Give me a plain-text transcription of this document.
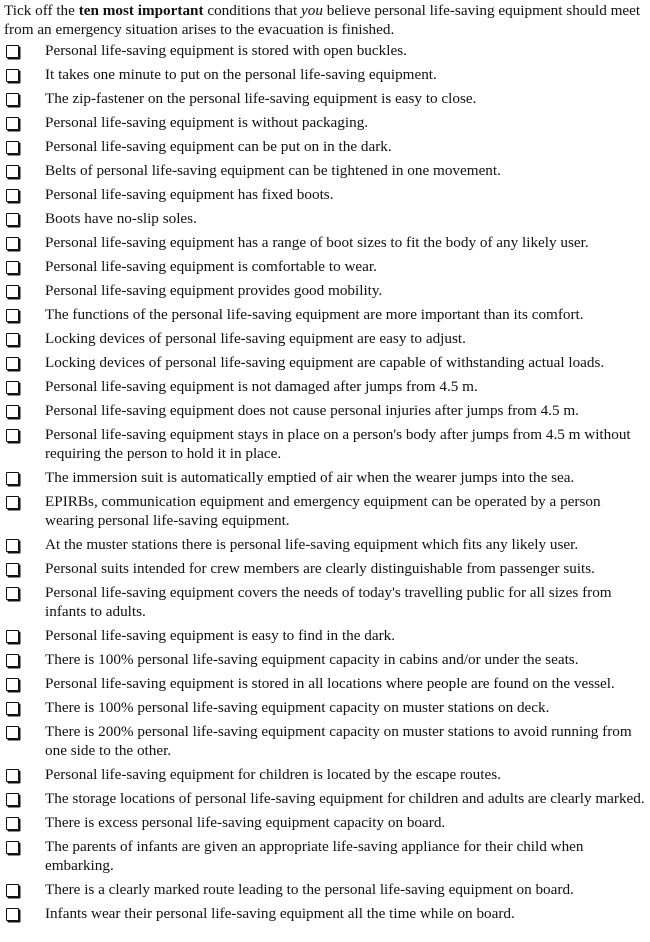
Tick off the ten most important conditions that you believe personal life-saving equipment should meet from an emergency situation arises to the evacuation is finished.

Personal life-saving equipment is stored with open buckles.
It takes one minute to put on the personal life-saving equipment.
The zip-fastener on the personal life-saving equipment is easy to close.
Personal life-saving equipment is without packaging.
Personal life-saving equipment can be put on in the dark.
Belts of personal life-saving equipment can be tightened in one movement.
Personal life-saving equipment has fixed boots.
Boots have no-slip soles.
Personal life-saving equipment has a range of boot sizes to fit the body of any likely user.
Personal life-saving equipment is comfortable to wear.
Personal life-saving equipment provides good mobility.
The functions of the personal life-saving equipment are more important than its comfort.
Locking devices of personal life-saving equipment are easy to adjust.
Locking devices of personal life-saving equipment are capable of withstanding actual loads.
Personal life-saving equipment is not damaged after jumps from 4.5 m.
Personal life-saving equipment does not cause personal injuries after jumps from 4.5 m.
Personal life-saving equipment stays in place on a person's body after jumps from 4.5 m without requiring the person to hold it in place.
The immersion suit is automatically emptied of air when the wearer jumps into the sea.
EPIRBs, communication equipment and emergency equipment can be operated by a person wearing personal life-saving equipment.
At the muster stations there is personal life-saving equipment which fits any likely user.
Personal suits intended for crew members are clearly distinguishable from passenger suits.
Personal life-saving equipment covers the needs of today's travelling public for all sizes from infants to adults.
Personal life-saving equipment is easy to find in the dark.
There is 100% personal life-saving equipment capacity in cabins and/or under the seats.
Personal life-saving equipment is stored in all locations where people are found on the vessel.
There is 100% personal life-saving equipment capacity on muster stations on deck.
There is 200% personal life-saving equipment capacity on muster stations to avoid running from one side to the other.
Personal life-saving equipment for children is located by the escape routes.
The storage locations of personal life-saving equipment for children and adults are clearly marked.
There is excess personal life-saving equipment capacity on board.
The parents of infants are given an appropriate life-saving appliance for their child when embarking.
There is a clearly marked route leading to the personal life-saving equipment on board.
Infants wear their personal life-saving equipment all the time while on board.
